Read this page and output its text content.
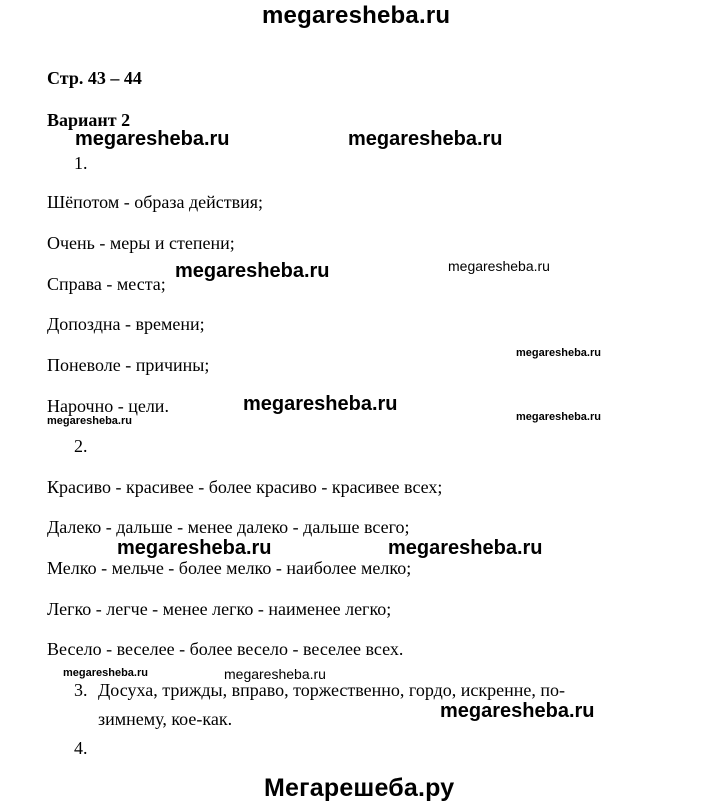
megaresheba.ru
Стр. 43 – 44
Вариант 2
1.
Шёпотом - образа действия;
Очень - меры и степени;
Справа - места;
Допоздна - времени;
Поневоле - причины;
Нарочно - цели.
2.
Красиво - красивее - более красиво - красивее всех;
Далеко - дальше - менее далеко - дальше всего;
Мелко - мельче - более мелко - наиболее мелко;
Легко - легче - менее легко - наименее легко;
Весело - веселее - более весело - веселее всех.
3. Досуха, трижды, вправо, торжественно, гордо, искренне, по-
зимнему, кое-как.
4.
megaresheba.ru	megaresheba.ru
megaresheba.ru	megaresheba.ru
megaresheba.ru
megaresheba.ru
megaresheba.ru
megaresheba.ru
megaresheba.ru	megaresheba.ru
megaresheba.ru	megaresheba.ru
megaresheba.ru
Мегарешеба.ру
